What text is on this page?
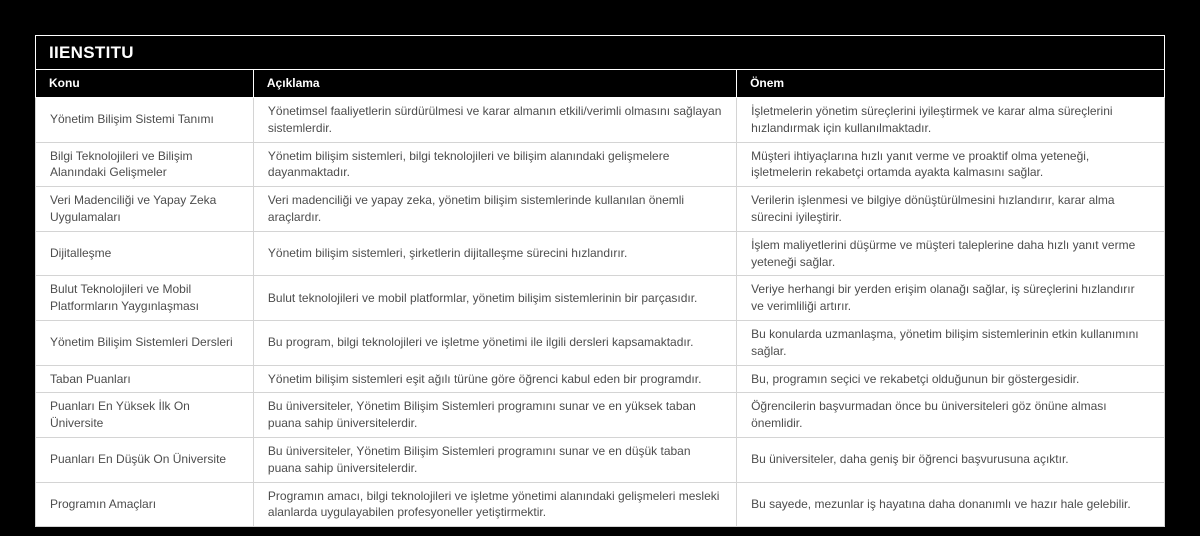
IIENSTITU		
Konu	Açıklama	Önem
Yönetim Bilişim Sistemi Tanımı	Yönetimsel faaliyetlerin sürdürülmesi ve karar almanın etkili/verimli olmasını sağlayan sistemlerdir.	İşletmelerin yönetim süreçlerini iyileştirmek ve karar alma süreçlerini hızlandırmak için kullanılmaktadır.
Bilgi Teknolojileri ve Bilişim Alanındaki Gelişmeler	Yönetim bilişim sistemleri, bilgi teknolojileri ve bilişim alanındaki gelişmelere dayanmaktadır.	Müşteri ihtiyaçlarına hızlı yanıt verme ve proaktif olma yeteneği, işletmelerin rekabetçi ortamda ayakta kalmasını sağlar.
Veri Madenciliği ve Yapay Zeka Uygulamaları	Veri madenciliği ve yapay zeka, yönetim bilişim sistemlerinde kullanılan önemli araçlardır.	Verilerin işlenmesi ve bilgiye dönüştürülmesini hızlandırır, karar alma sürecini iyileştirir.
Dijitalleşme	Yönetim bilişim sistemleri, şirketlerin dijitalleşme sürecini hızlandırır.	İşlem maliyetlerini düşürme ve müşteri taleplerine daha hızlı yanıt verme yeteneği sağlar.
Bulut Teknolojileri ve Mobil Platformların Yaygınlaşması	Bulut teknolojileri ve mobil platformlar, yönetim bilişim sistemlerinin bir parçasıdır.	Veriye herhangi bir yerden erişim olanağı sağlar, iş süreçlerini hızlandırır ve verimliliği artırır.
Yönetim Bilişim Sistemleri Dersleri	Bu program, bilgi teknolojileri ve işletme yönetimi ile ilgili dersleri kapsamaktadır.	Bu konularda uzmanlaşma, yönetim bilişim sistemlerinin etkin kullanımını sağlar.
Taban Puanları	Yönetim bilişim sistemleri eşit ağılı türüne göre öğrenci kabul eden bir programdır.	Bu, programın seçici ve rekabetçi olduğunun bir göstergesidir.
Puanları En Yüksek İlk On Üniversite	Bu üniversiteler, Yönetim Bilişim Sistemleri programını sunar ve en yüksek taban puana sahip üniversitelerdir.	Öğrencilerin başvurmadan önce bu üniversiteleri göz önüne alması önemlidir.
Puanları En Düşük On Üniversite	Bu üniversiteler, Yönetim Bilişim Sistemleri programını sunar ve en düşük taban puana sahip üniversitelerdir.	Bu üniversiteler, daha geniş bir öğrenci başvurusuna açıktır.
Programın Amaçları	Programın amacı, bilgi teknolojileri ve işletme yönetimi alanındaki gelişmeleri mesleki alanlarda uygulayabilen profesyoneller yetiştirmektir.	Bu sayede, mezunlar iş hayatına daha donanımlı ve hazır hale gelebilir.
